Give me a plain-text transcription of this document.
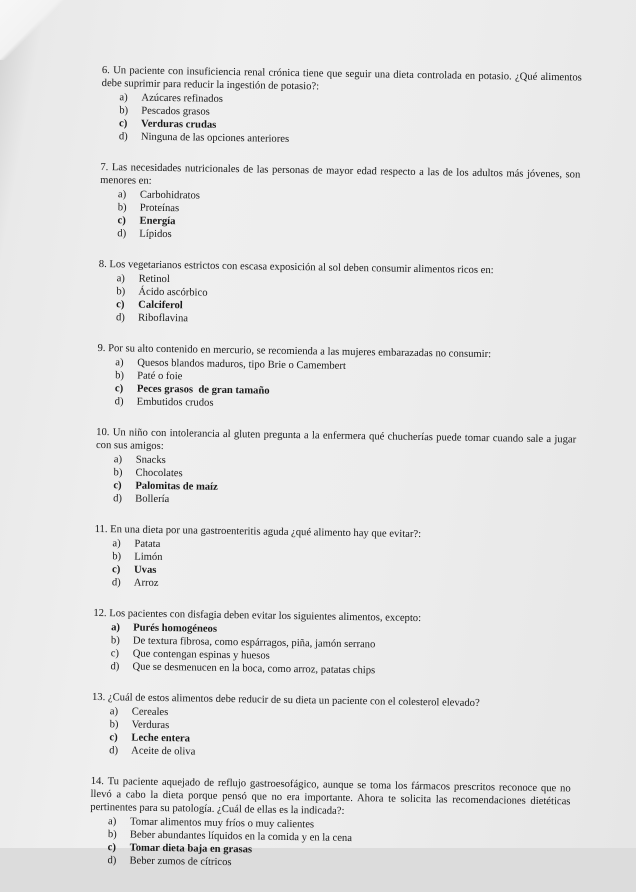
6. Un paciente con insuficiencia renal crónica tiene que seguir una dieta controlada en potasio. ¿Qué alimentos debe suprimir para reducir la ingestión de potasio?:
a)	Azúcares refinados
b)	Pescados grasos
c)	Verduras crudas
d)	Ninguna de las opciones anteriores
7. Las necesidades nutricionales de las personas de mayor edad respecto a las de los adultos más jóvenes, son menores en:
a)	Carbohidratos
b)	Proteínas
c)	Energía
d)	Lípidos
8. Los vegetarianos estrictos con escasa exposición al sol deben consumir alimentos ricos en:
a)	Retinol
b)	Ácido ascórbico
c)	Calciferol
d)	Riboflavina
9. Por su alto contenido en mercurio, se recomienda a las mujeres embarazadas no consumir:
a)	Quesos blandos maduros, tipo Brie o Camembert
b)	Paté o foie
c)	Peces grasos  de gran tamaño
d)	Embutidos crudos
10. Un niño con intolerancia al gluten pregunta a la enfermera qué chucherías puede tomar cuando sale a jugar con sus amigos:
a)	Snacks
b)	Chocolates
c)	Palomitas de maíz
d)	Bollería
11. En una dieta por una gastroenteritis aguda ¿qué alimento hay que evitar?:
a)	Patata
b)	Limón
c)	Uvas
d)	Arroz
12. Los pacientes con disfagia deben evitar los siguientes alimentos, excepto:
a)	Purés homogéneos
b)	De textura fibrosa, como espárragos, piña, jamón serrano
c)	Que contengan espinas y huesos
d)	Que se desmenucen en la boca, como arroz, patatas chips
13. ¿Cuál de estos alimentos debe reducir de su dieta un paciente con el colesterol elevado?
a)	Cereales
b)	Verduras
c)	Leche entera
d)	Aceite de oliva
14. Tu paciente aquejado de reflujo gastroesofágico, aunque se toma los fármacos prescritos reconoce que no llevó a cabo la dieta porque pensó que no era importante. Ahora te solicita las recomendaciones dietéticas pertinentes para su patología. ¿Cuál de ellas es la indicada?:
a)	Tomar alimentos muy fríos o muy calientes
b)	Beber abundantes líquidos en la comida y en la cena
c)	Tomar dieta baja en grasas
d)	Beber zumos de cítricos
